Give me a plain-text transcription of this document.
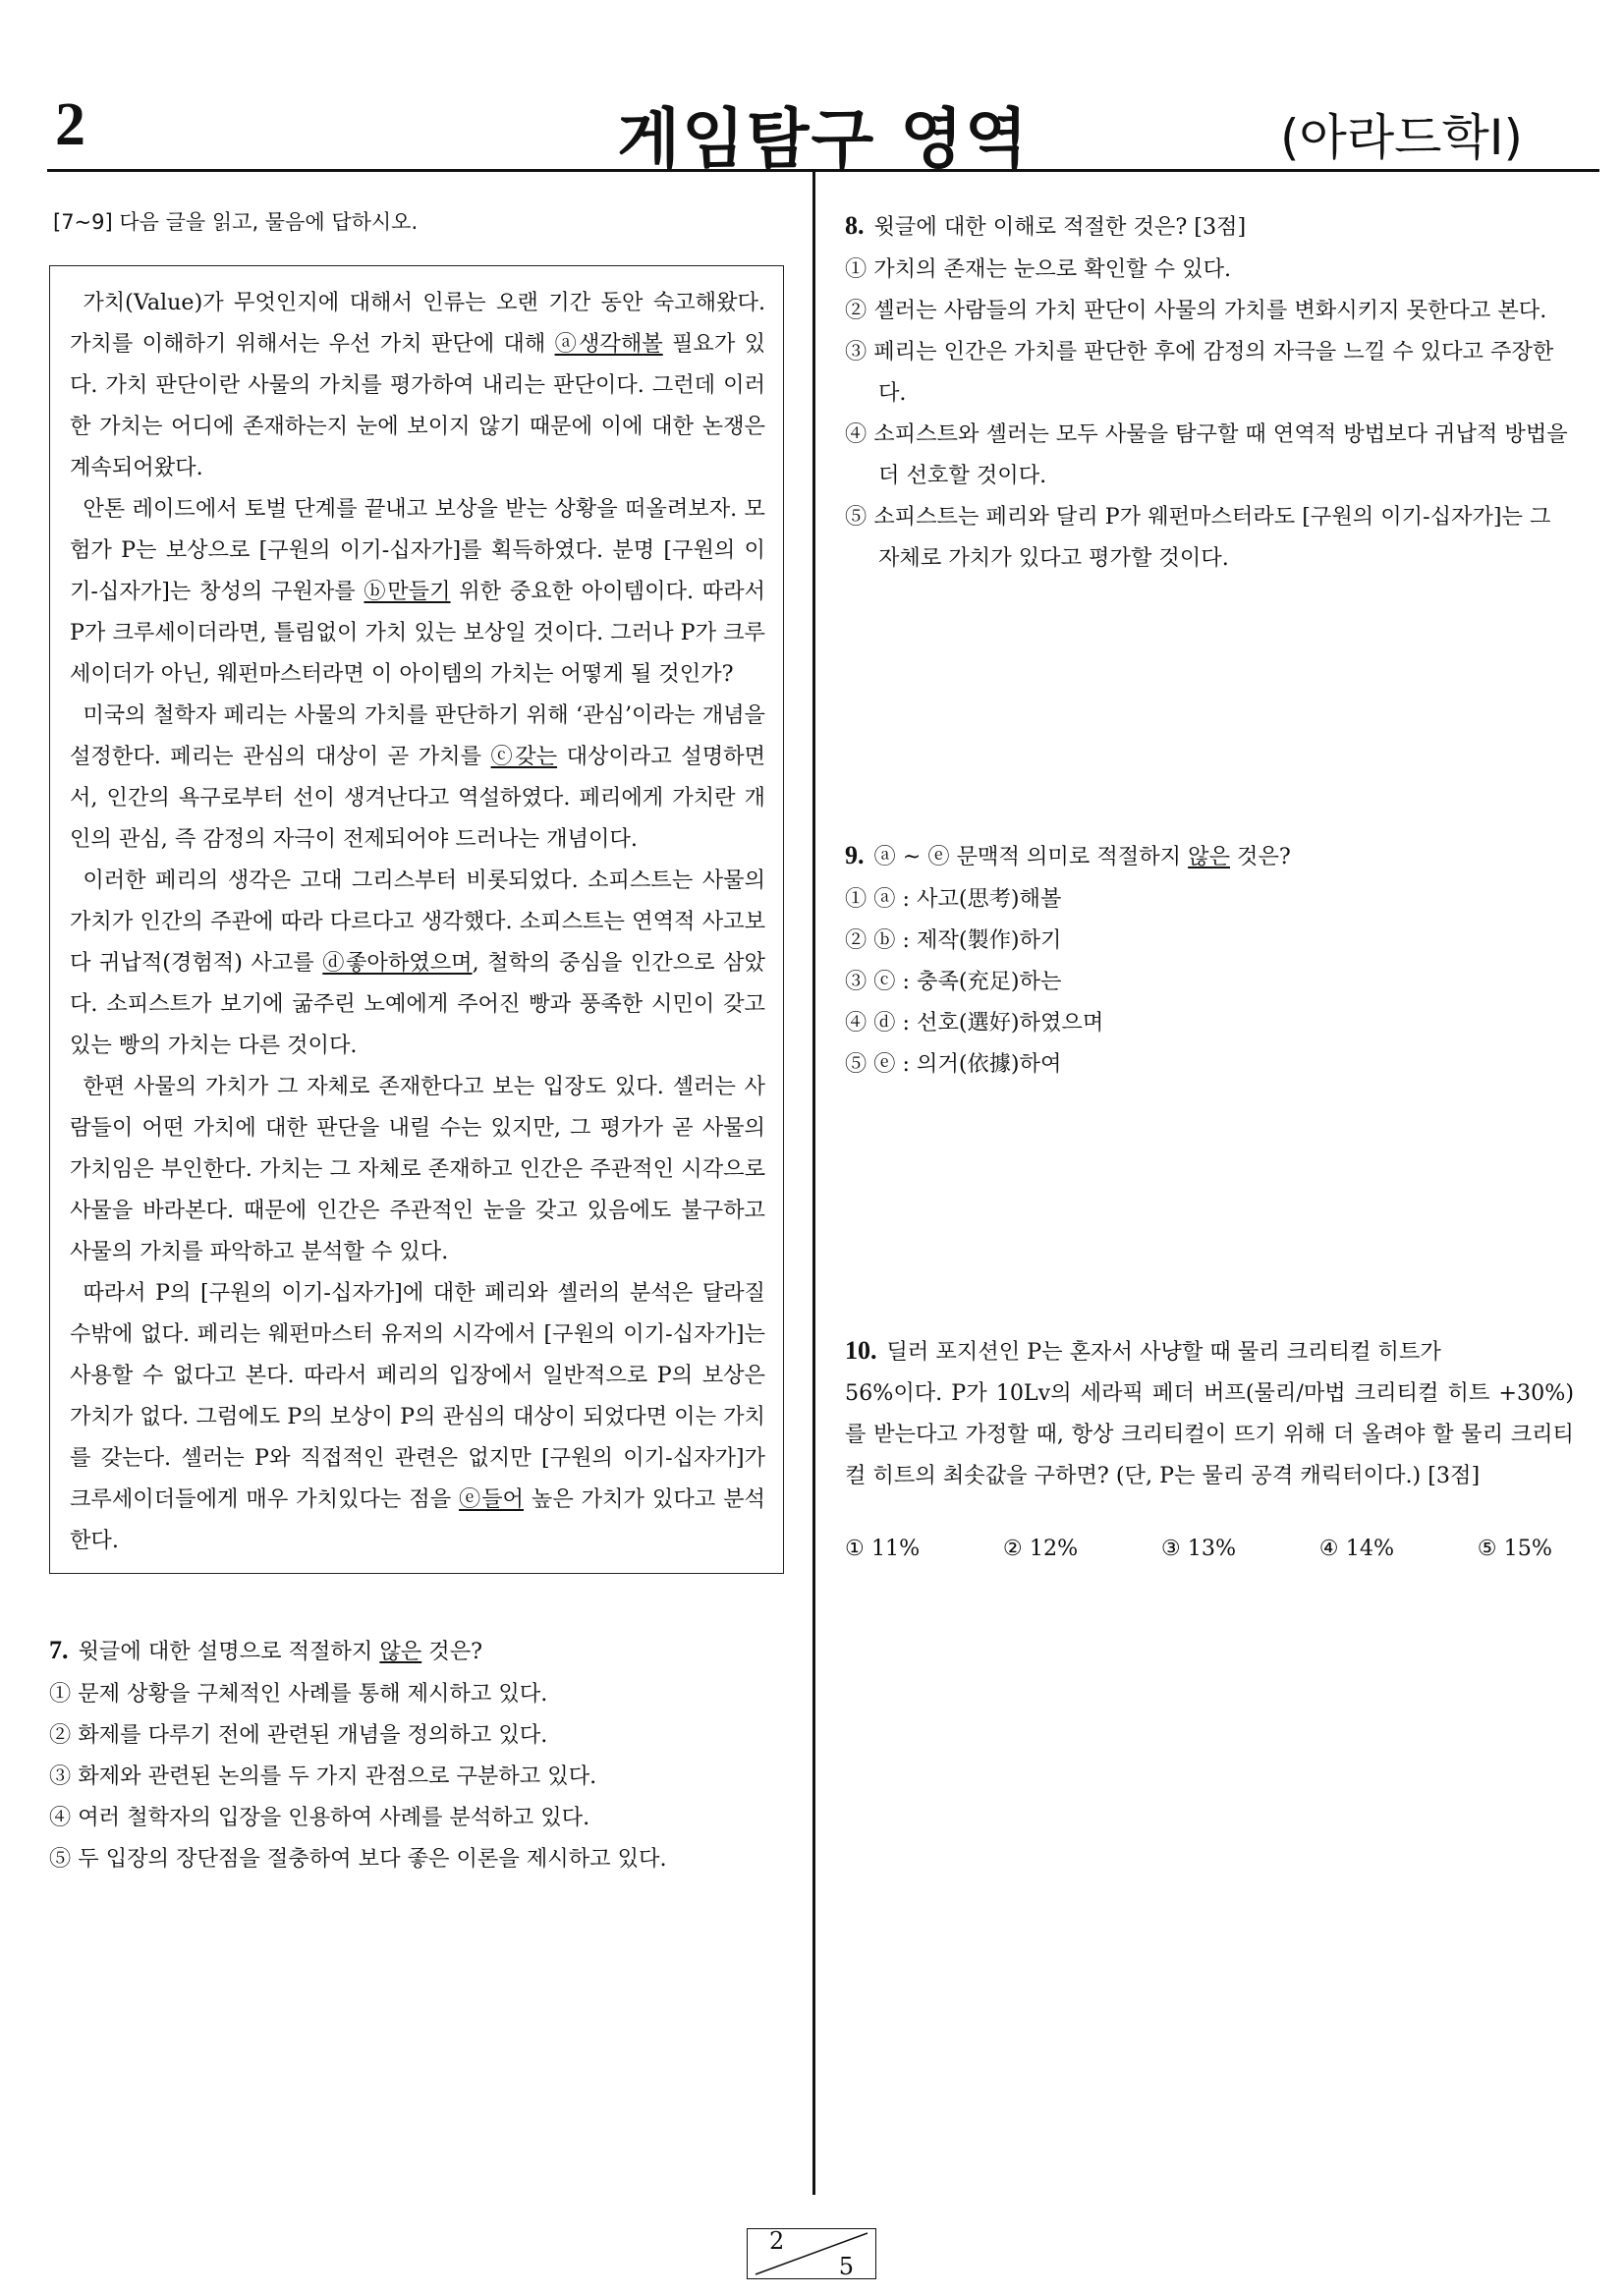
2	게임탐구 영역	(아라드학Ⅰ)
[7~9] 다음 글을 읽고, 물음에 답하시오.

가치(Value)가 무엇인지에 대해서 인류는 오랜 기간 동안 숙고해왔다. 가치를 이해하기 위해서는 우선 가치 판단에 대해 ⓐ생각해볼 필요가 있다. 가치 판단이란 사물의 가치를 평가하여 내리는 판단이다. 그런데 이러한 가치는 어디에 존재하는지 눈에 보이지 않기 때문에 이에 대한 논쟁은 계속되어왔다.

안톤 레이드에서 토벌 단계를 끝내고 보상을 받는 상황을 떠올려보자. 모험가 P는 보상으로 [구원의 이기-십자가]를 획득하였다. 분명 [구원의 이기-십자가]는 창성의 구원자를 ⓑ만들기 위한 중요한 아이템이다. 따라서 P가 크루세이더라면, 틀림없이 가치 있는 보상일 것이다. 그러나 P가 크루세이더가 아닌, 웨펀마스터라면 이 아이템의 가치는 어떻게 될 것인가?

미국의 철학자 페리는 사물의 가치를 판단하기 위해 ‘관심’이라는 개념을 설정한다. 페리는 관심의 대상이 곧 가치를 ⓒ갖는 대상이라고 설명하면서, 인간의 욕구로부터 선이 생겨난다고 역설하였다. 페리에게 가치란 개인의 관심, 즉 감정의 자극이 전제되어야 드러나는 개념이다.

이러한 페리의 생각은 고대 그리스부터 비롯되었다. 소피스트는 사물의 가치가 인간의 주관에 따라 다르다고 생각했다. 소피스트는 연역적 사고보다 귀납적(경험적) 사고를 ⓓ좋아하였으며, 철학의 중심을 인간으로 삼았다. 소피스트가 보기에 굶주린 노예에게 주어진 빵과 풍족한 시민이 갖고 있는 빵의 가치는 다른 것이다.

한편 사물의 가치가 그 자체로 존재한다고 보는 입장도 있다. 셸러는 사람들이 어떤 가치에 대한 판단을 내릴 수는 있지만, 그 평가가 곧 사물의 가치임은 부인한다. 가치는 그 자체로 존재하고 인간은 주관적인 시각으로 사물을 바라본다. 때문에 인간은 주관적인 눈을 갖고 있음에도 불구하고 사물의 가치를 파악하고 분석할 수 있다.

따라서 P의 [구원의 이기-십자가]에 대한 페리와 셸러의 분석은 달라질 수밖에 없다. 페리는 웨펀마스터 유저의 시각에서 [구원의 이기-십자가]는 사용할 수 없다고 본다. 따라서 페리의 입장에서 일반적으로 P의 보상은 가치가 없다. 그럼에도 P의 보상이 P의 관심의 대상이 되었다면 이는 가치를 갖는다. 셸러는 P와 직접적인 관련은 없지만 [구원의 이기-십자가]가 크루세이더들에게 매우 가치있다는 점을 ⓔ들어 높은 가치가 있다고 분석한다.

7. 윗글에 대한 설명으로 적절하지 않은 것은?
① 문제 상황을 구체적인 사례를 통해 제시하고 있다.
② 화제를 다루기 전에 관련된 개념을 정의하고 있다.
③ 화제와 관련된 논의를 두 가지 관점으로 구분하고 있다.
④ 여러 철학자의 입장을 인용하여 사례를 분석하고 있다.
⑤ 두 입장의 장단점을 절충하여 보다 좋은 이론을 제시하고 있다.
8. 윗글에 대한 이해로 적절한 것은? [3점]
① 가치의 존재는 눈으로 확인할 수 있다.
② 셸러는 사람들의 가치 판단이 사물의 가치를 변화시키지 못한다고 본다.
③ 페리는 인간은 가치를 판단한 후에 감정의 자극을 느낄 수 있다고 주장한다.
④ 소피스트와 셸러는 모두 사물을 탐구할 때 연역적 방법보다 귀납적 방법을 더 선호할 것이다.
⑤ 소피스트는 페리와 달리 P가 웨펀마스터라도 [구원의 이기-십자가]는 그 자체로 가치가 있다고 평가할 것이다.
9. ⓐ ~ ⓔ 문맥적 의미로 적절하지 않은 것은?
① ⓐ : 사고(思考)해볼
② ⓑ : 제작(製作)하기
③ ⓒ : 충족(充足)하는
④ ⓓ : 선호(選好)하였으며
⑤ ⓔ : 의거(依據)하여
10. 딜러 포지션인 P는 혼자서 사냥할 때 물리 크리티컬 히트가
56%이다. P가 10Lv의 세라픽 페더 버프(물리/마법 크리티컬 히트 +30%)를 받는다고 가정할 때, 항상 크리티컬이 뜨기 위해 더 올려야 할 물리 크리티컬 히트의 최솟값을 구하면? (단, P는 물리 공격 캐릭터이다.) [3점]
① 11%	② 12%	③ 13%	④ 14%	⑤ 15%
2
5
